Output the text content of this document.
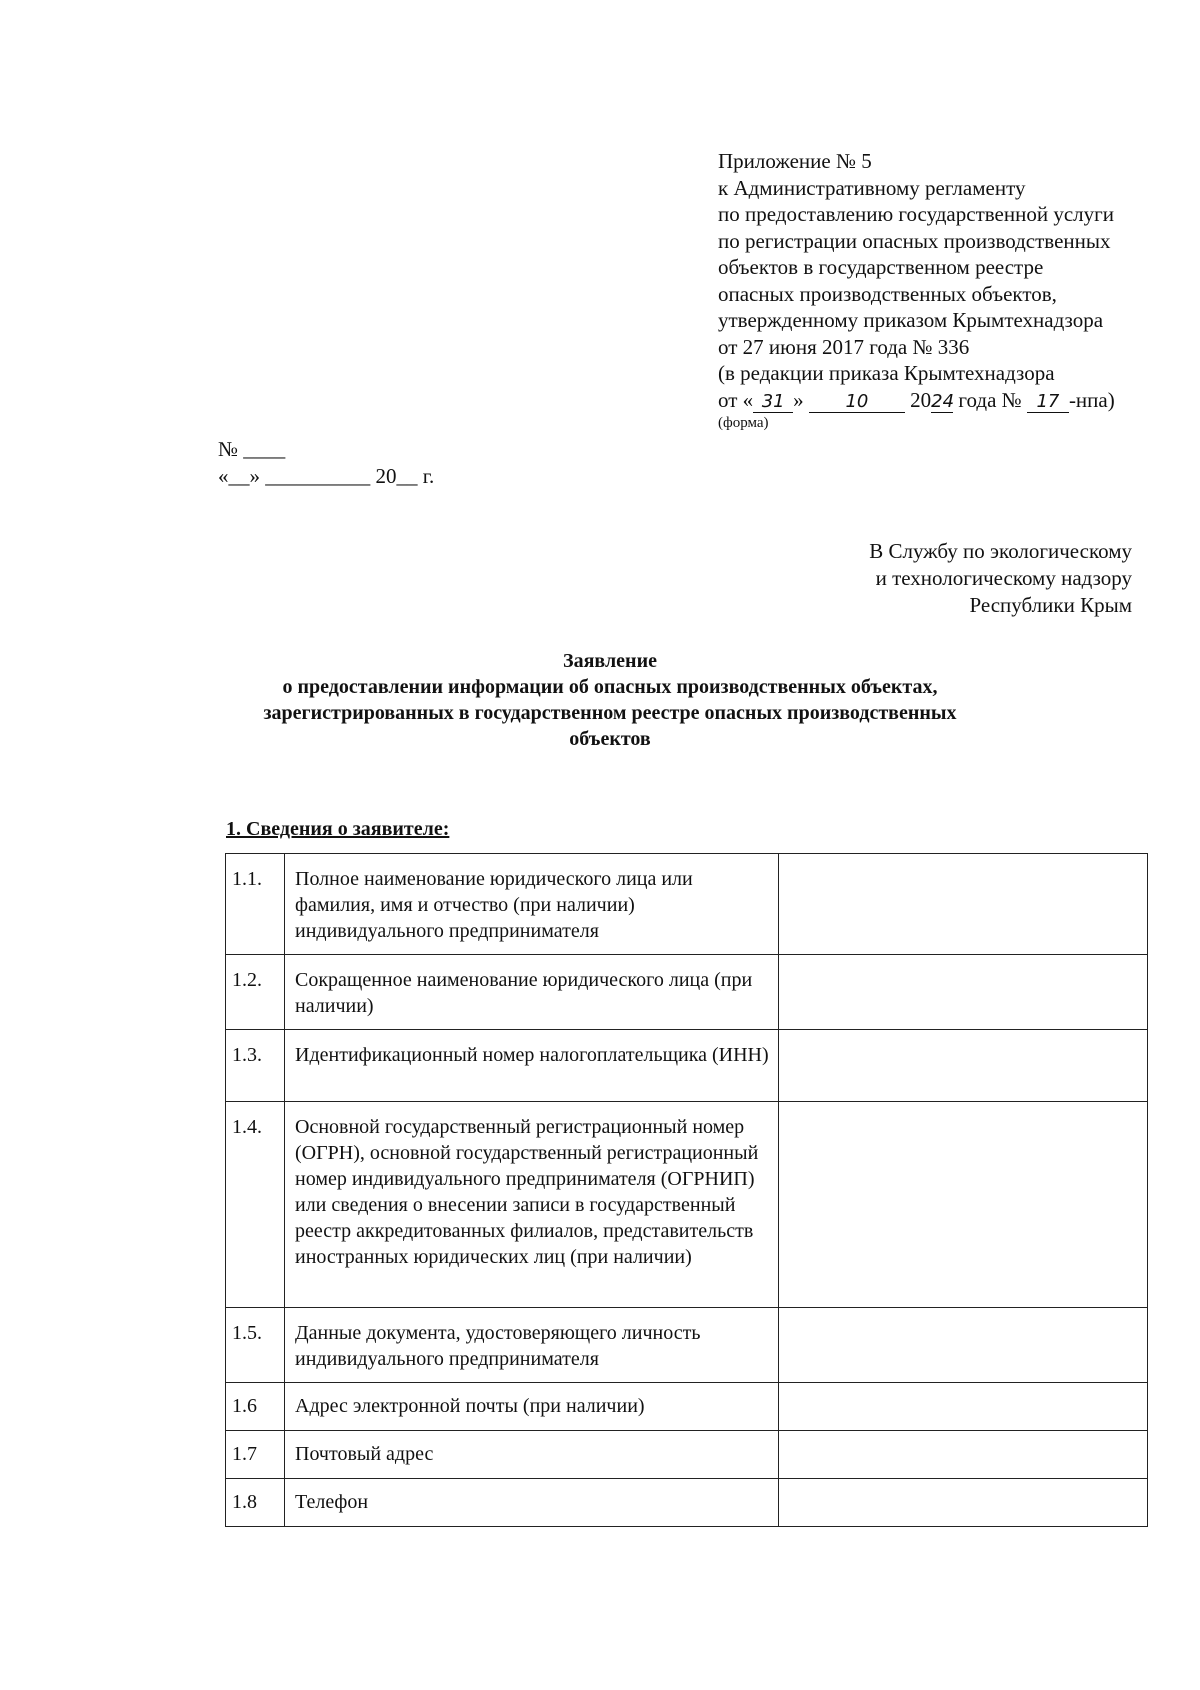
Приложение № 5
к Административному регламенту
по предоставлению государственной услуги
по регистрации опасных производственных
объектов в государственном реестре
опасных производственных объектов,
утвержденному приказом Крымтехнадзора
от 27 июня 2017 года № 336
(в редакции приказа Крымтехнадзора
от « 31 » 10 2024 года № 17 -нпа)
(форма)
№ ____
«__» __________ 20__ г.
В Службу по экологическому
и технологическому надзору
Республики Крым
Заявление
о предоставлении информации об опасных производственных объектах,
зарегистрированных в государственном реестре опасных производственных
объектов
1. Сведения о заявителе:
1.1.	Полное наименование юридического лица или фамилия, имя и отчество (при наличии) индивидуального предпринимателя	
1.2.	Сокращенное наименование юридического лица (при наличии)	
1.3.	Идентификационный номер налогоплательщика (ИНН)	
1.4.	Основной государственный регистрационный номер (ОГРН), основной государственный регистрационный номер индивидуального предпринимателя (ОГРНИП) или сведения о внесении записи в государственный реестр аккредитованных филиалов, представительств иностранных юридических лиц (при наличии)	
1.5.	Данные документа, удостоверяющего личность индивидуального предпринимателя	
1.6	Адрес электронной почты (при наличии)	
1.7	Почтовый адрес	
1.8	Телефон	
